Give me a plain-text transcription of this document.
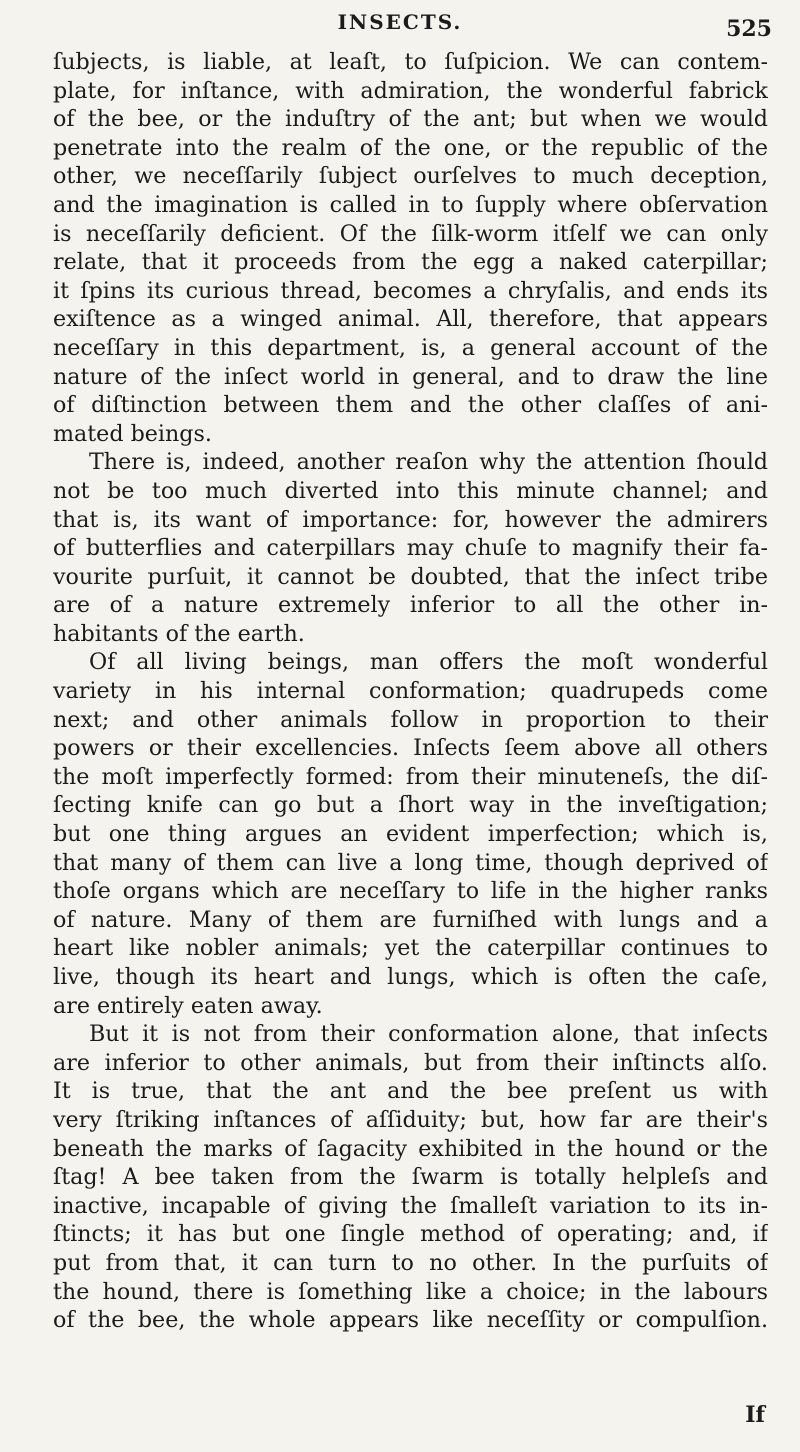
INSECTS.	525
ſubjects, is liable, at leaſt, to ſuſpicion. We can contem-
plate, for inſtance, with admiration, the wonderful fabrick
of the bee, or the induſtry of the ant; but when we would
penetrate into the realm of the one, or the republic of the
other, we neceſſarily ſubject ourſelves to much deception,
and the imagination is called in to ſupply where obſervation
is neceſſarily deficient. Of the ſilk-worm itſelf we can only
relate, that it proceeds from the egg a naked caterpillar;
it ſpins its curious thread, becomes a chryſalis, and ends its
exiſtence as a winged animal. All, therefore, that appears
neceſſary in this department, is, a general account of the
nature of the inſect world in general, and to draw the line
of diſtinction between them and the other claſſes of ani-
mated beings.
There is, indeed, another reaſon why the attention ſhould
not be too much diverted into this minute channel; and
that is, its want of importance: for, however the admirers
of butterflies and caterpillars may chuſe to magnify their fa-
vourite purſuit, it cannot be doubted, that the inſect tribe
are of a nature extremely inferior to all the other in-
habitants of the earth.
Of all living beings, man offers the moſt wonderful
variety in his internal conformation; quadrupeds come
next; and other animals follow in proportion to their
powers or their excellencies. Inſects ſeem above all others
the moſt imperfectly formed: from their minuteneſs, the diſ-
ſecting knife can go but a ſhort way in the inveſtigation;
but one thing argues an evident imperfection; which is,
that many of them can live a long time, though deprived of
thoſe organs which are neceſſary to life in the higher ranks
of nature. Many of them are furniſhed with lungs and a
heart like nobler animals; yet the caterpillar continues to
live, though its heart and lungs, which is often the caſe,
are entirely eaten away.
But it is not from their conformation alone, that inſects
are inferior to other animals, but from their inſtincts alſo.
It is true, that the ant and the bee preſent us with
very ſtriking inſtances of aſſiduity; but, how far are their's
beneath the marks of ſagacity exhibited in the hound or the
ſtag! A bee taken from the ſwarm is totally helpleſs and
inactive, incapable of giving the ſmalleſt variation to its in-
ſtincts; it has but one ſingle method of operating; and, if
put from that, it can turn to no other. In the purſuits of
the hound, there is ſomething like a choice; in the labours
of the bee, the whole appears like neceſſity or compulſion.
If
